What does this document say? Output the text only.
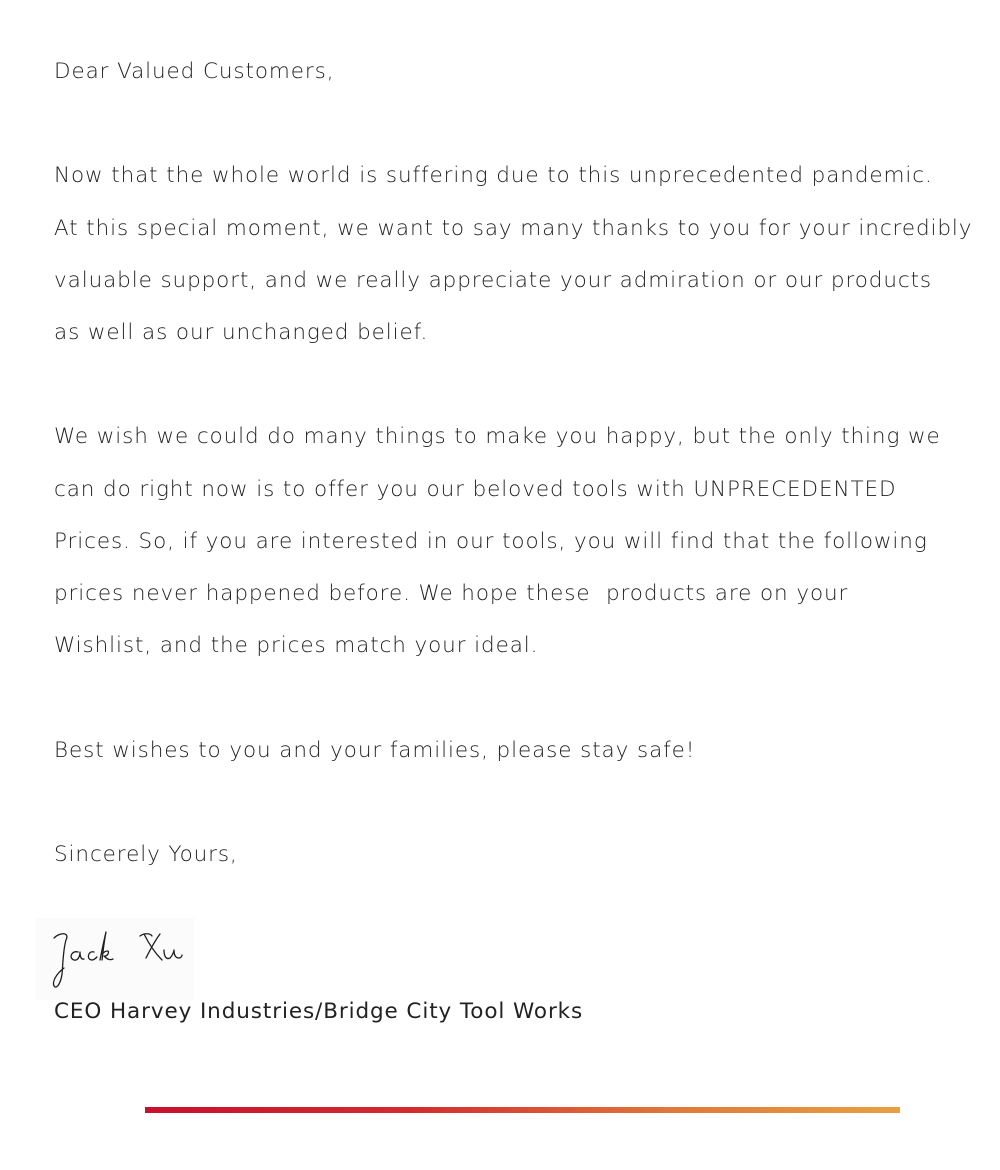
Dear Valued Customers,

Now that the whole world is suffering due to this unprecedented pandemic.

At this special moment, we want to say many thanks to you for your incredibly

valuable support, and we really appreciate your admiration or our products

as well as our unchanged belief.

We wish we could do many things to make you happy, but the only thing we

can do right now is to offer you our beloved tools with UNPRECEDENTED

Prices. So, if you are interested in our tools, you will find that the following

prices never happened before. We hope these  products are on your

Wishlist, and the prices match your ideal.

Best wishes to you and your families, please stay safe!

Sincerely Yours,

CEO Harvey Industries/Bridge City Tool Works
